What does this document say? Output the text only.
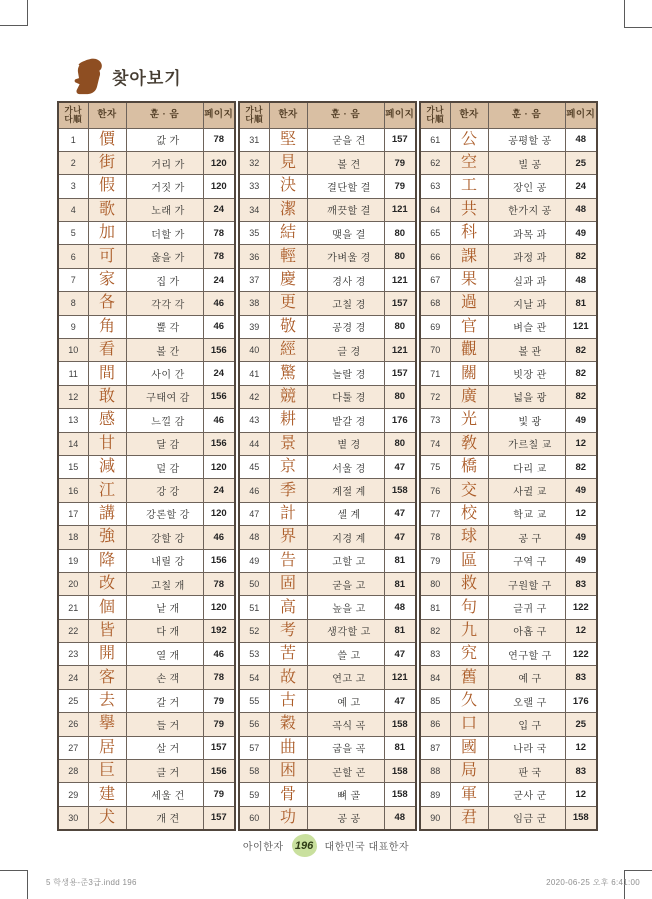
찾아보기
가나
다順	한자	훈 · 음	페이지
1	價	값 가	78
2	街	거리 가	120
3	假	거짓 가	120
4	歌	노래 가	24
5	加	더할 가	78
6	可	옳을 가	78
7	家	집 가	24
8	各	각각 각	46
9	角	뿔 각	46
10	看	볼 간	156
11	間	사이 간	24
12	敢	구태여 감	156
13	感	느낄 감	46
14	甘	달 감	156
15	減	덜 감	120
16	江	강 강	24
17	講	강론할 강	120
18	強	강할 강	46
19	降	내릴 강	156
20	改	고칠 개	78
21	個	낱 개	120
22	皆	다 개	192
23	開	열 개	46
24	客	손 객	78
25	去	갈 거	79
26	擧	들 거	79
27	居	살 거	157
28	巨	클 거	156
29	建	세울 건	79
30	犬	개 견	157
가나
다順	한자	훈 · 음	페이지
31	堅	굳을 견	157
32	見	볼 견	79
33	決	결단할 결	79
34	潔	깨끗할 결	121
35	結	맺을 결	80
36	輕	가벼울 경	80
37	慶	경사 경	121
38	更	고칠 경	157
39	敬	공경 경	80
40	經	글 경	121
41	驚	놀랄 경	157
42	競	다툴 경	80
43	耕	밭갈 경	176
44	景	볕 경	80
45	京	서울 경	47
46	季	계절 계	158
47	計	셀 계	47
48	界	지경 계	47
49	告	고할 고	81
50	固	굳을 고	81
51	高	높을 고	48
52	考	생각할 고	81
53	苦	쓸 고	47
54	故	연고 고	121
55	古	예 고	47
56	穀	곡식 곡	158
57	曲	굽을 곡	81
58	困	곤할 곤	158
59	骨	뼈 골	158
60	功	공 공	48
가나
다順	한자	훈 · 음	페이지
61	公	공평할 공	48
62	空	빌 공	25
63	工	장인 공	24
64	共	한가지 공	48
65	科	과목 과	49
66	課	과정 과	82
67	果	실과 과	48
68	過	지날 과	81
69	官	벼슬 관	121
70	觀	볼 관	82
71	關	빗장 관	82
72	廣	넓을 광	82
73	光	빛 광	49
74	敎	가르칠 교	12
75	橋	다리 교	82
76	交	사귈 교	49
77	校	학교 교	12
78	球	공 구	49
79	區	구역 구	49
80	救	구원할 구	83
81	句	글귀 구	122
82	九	아홉 구	12
83	究	연구할 구	122
84	舊	예 구	83
85	久	오랠 구	176
86	口	입 구	25
87	國	나라 국	12
88	局	판 국	83
89	軍	군사 군	12
90	君	임금 군	158
아이한자	196	대한민국 대표한자
5 학생용-준3급.indd 196	2020-06-25 오후 6:41:00
